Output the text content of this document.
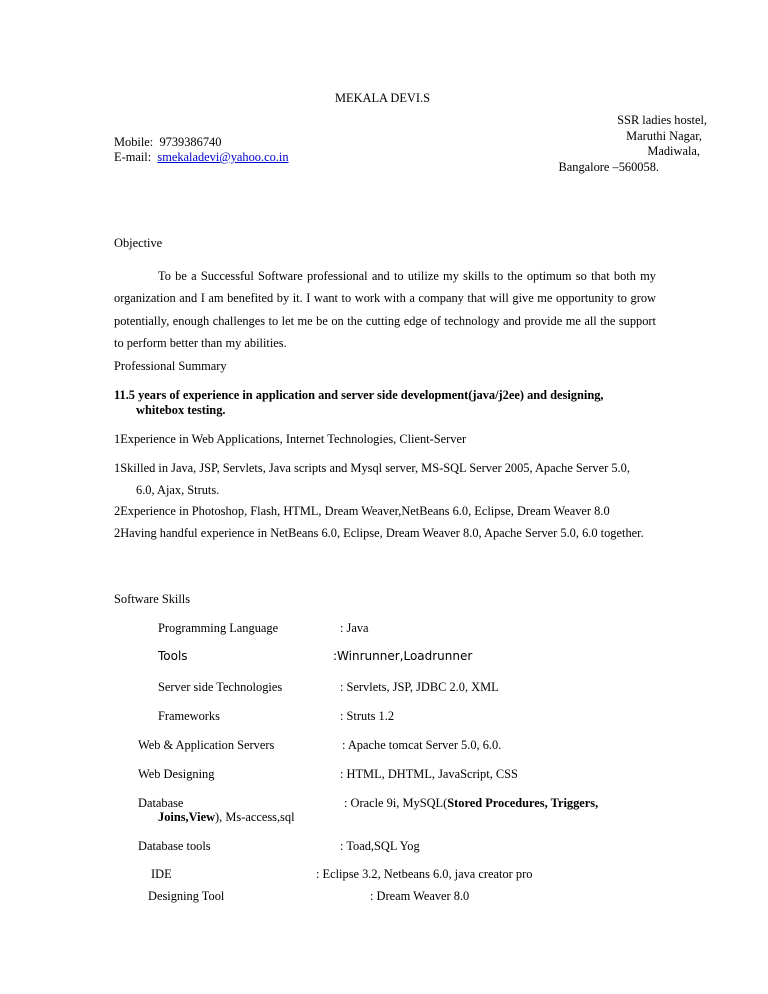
MEKALA DEVI.S
SSR ladies hostel,
Maruthi Nagar,
Madiwala,
Bangalore –560058.
Mobile: 9739386740
E-mail: smekaladevi@yahoo.co.in
Objective
To be a Successful Software professional and to utilize my skills to the optimum so that both my organization and I am benefited by it. I want to work with a company that will give me opportunity to grow potentially, enough challenges to let me be on the cutting edge of technology and provide me all the support to perform better than my abilities.
Professional Summary
11.5 years of experience in application and server side development(java/j2ee) and designing,
whitebox testing.
1Experience in Web Applications, Internet Technologies, Client-Server
1Skilled in Java, JSP, Servlets, Java scripts and Mysql server, MS-SQL Server 2005, Apache Server 5.0,
6.0, Ajax, Struts.
2Experience in Photoshop, Flash, HTML, Dream Weaver,NetBeans 6.0, Eclipse, Dream Weaver 8.0
2Having handful experience in NetBeans 6.0, Eclipse, Dream Weaver 8.0, Apache Server 5.0, 6.0 together.
Software Skills
Programming Language	: Java
Tools	:Winrunner,Loadrunner
Server side Technologies	: Servlets, JSP, JDBC 2.0, XML
Frameworks	: Struts 1.2
Web & Application Servers	: Apache tomcat Server 5.0, 6.0.
Web Designing	: HTML, DHTML, JavaScript, CSS
Database	: Oracle 9i, MySQL(Stored Procedures, Triggers,
Joins,View), Ms-access,sql
Database tools	: Toad,SQL Yog
IDE	: Eclipse 3.2, Netbeans 6.0, java creator pro
Designing Tool	: Dream Weaver 8.0
